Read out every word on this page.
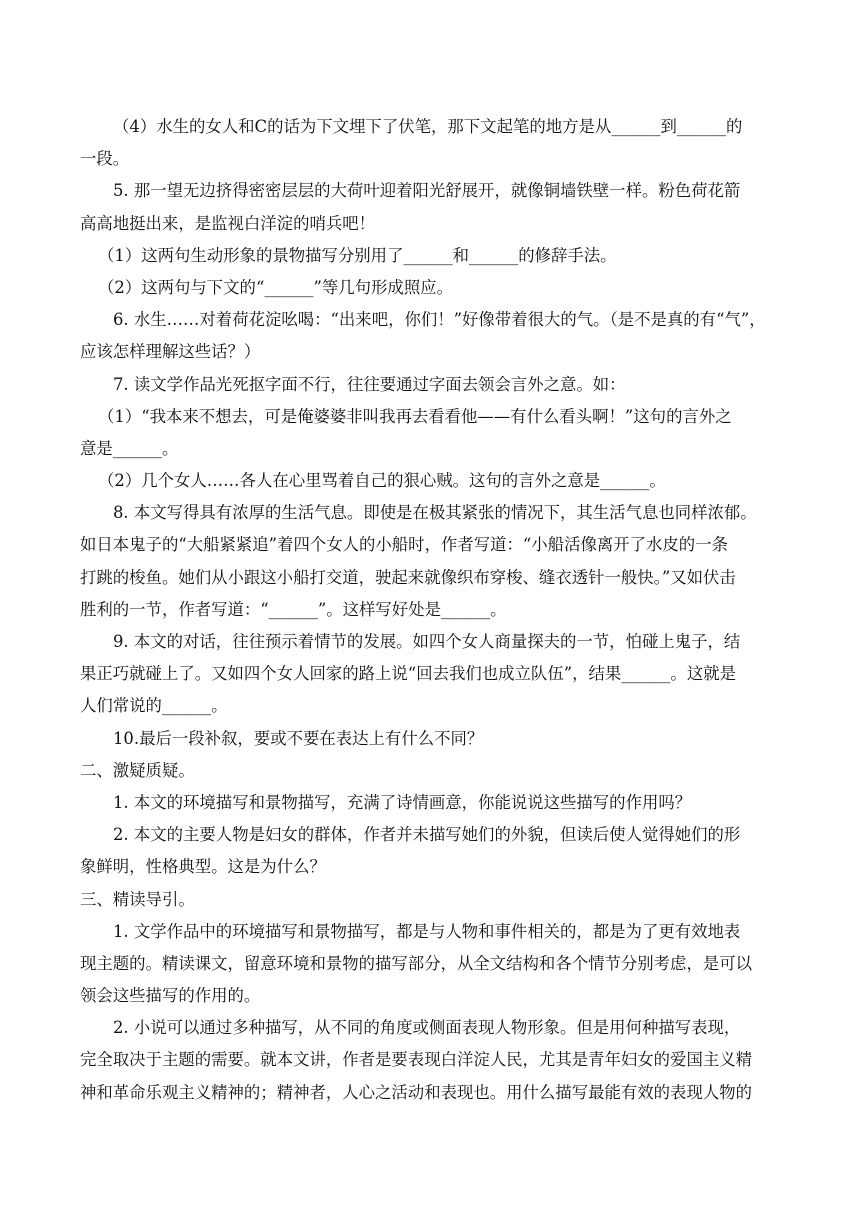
（4）水生的女人和C的话为下文埋下了伏笔，那下文起笔的地方是从______到______的
一段。
5. 那一望无边挤得密密层层的大荷叶迎着阳光舒展开，就像铜墙铁壁一样。粉色荷花箭
高高地挺出来，是监视白洋淀的哨兵吧！
（1）这两句生动形象的景物描写分别用了______和______的修辞手法。
（2）这两句与下文的“______”等几句形成照应。
6. 水生……对着荷花淀吆喝：“出来吧，你们！”好像带着很大的气。（是不是真的有“气”，
应该怎样理解这些话？）
7. 读文学作品光死抠字面不行，往往要通过字面去领会言外之意。如：
（1）“我本来不想去，可是俺婆婆非叫我再去看看他——有什么看头啊！”这句的言外之
意是______。
（2）几个女人……各人在心里骂着自己的狠心贼。这句的言外之意是______。
8. 本文写得具有浓厚的生活气息。即使是在极其紧张的情况下，其生活气息也同样浓郁。
如日本鬼子的“大船紧紧追”着四个女人的小船时，作者写道：“小船活像离开了水皮的一条
打跳的梭鱼。她们从小跟这小船打交道，驶起来就像织布穿梭、缝衣透针一般快。”又如伏击
胜利的一节，作者写道：“______”。这样写好处是______。
9. 本文的对话，往往预示着情节的发展。如四个女人商量探夫的一节，怕碰上鬼子，结
果正巧就碰上了。又如四个女人回家的路上说“回去我们也成立队伍”，结果______。这就是
人们常说的______。
10.最后一段补叙，要或不要在表达上有什么不同？
二、激疑质疑。
1. 本文的环境描写和景物描写，充满了诗情画意，你能说说这些描写的作用吗？
2. 本文的主要人物是妇女的群体，作者并未描写她们的外貌，但读后使人觉得她们的形
象鲜明，性格典型。这是为什么？
三、精读导引。
1. 文学作品中的环境描写和景物描写，都是与人物和事件相关的，都是为了更有效地表
现主题的。精读课文，留意环境和景物的描写部分，从全文结构和各个情节分别考虑，是可以
领会这些描写的作用的。
2. 小说可以通过多种描写，从不同的角度或侧面表现人物形象。但是用何种描写表现，
完全取决于主题的需要。就本文讲，作者是要表现白洋淀人民，尤其是青年妇女的爱国主义精
神和革命乐观主义精神的；精神者，人心之活动和表现也。用什么描写最能有效的表现人物的
